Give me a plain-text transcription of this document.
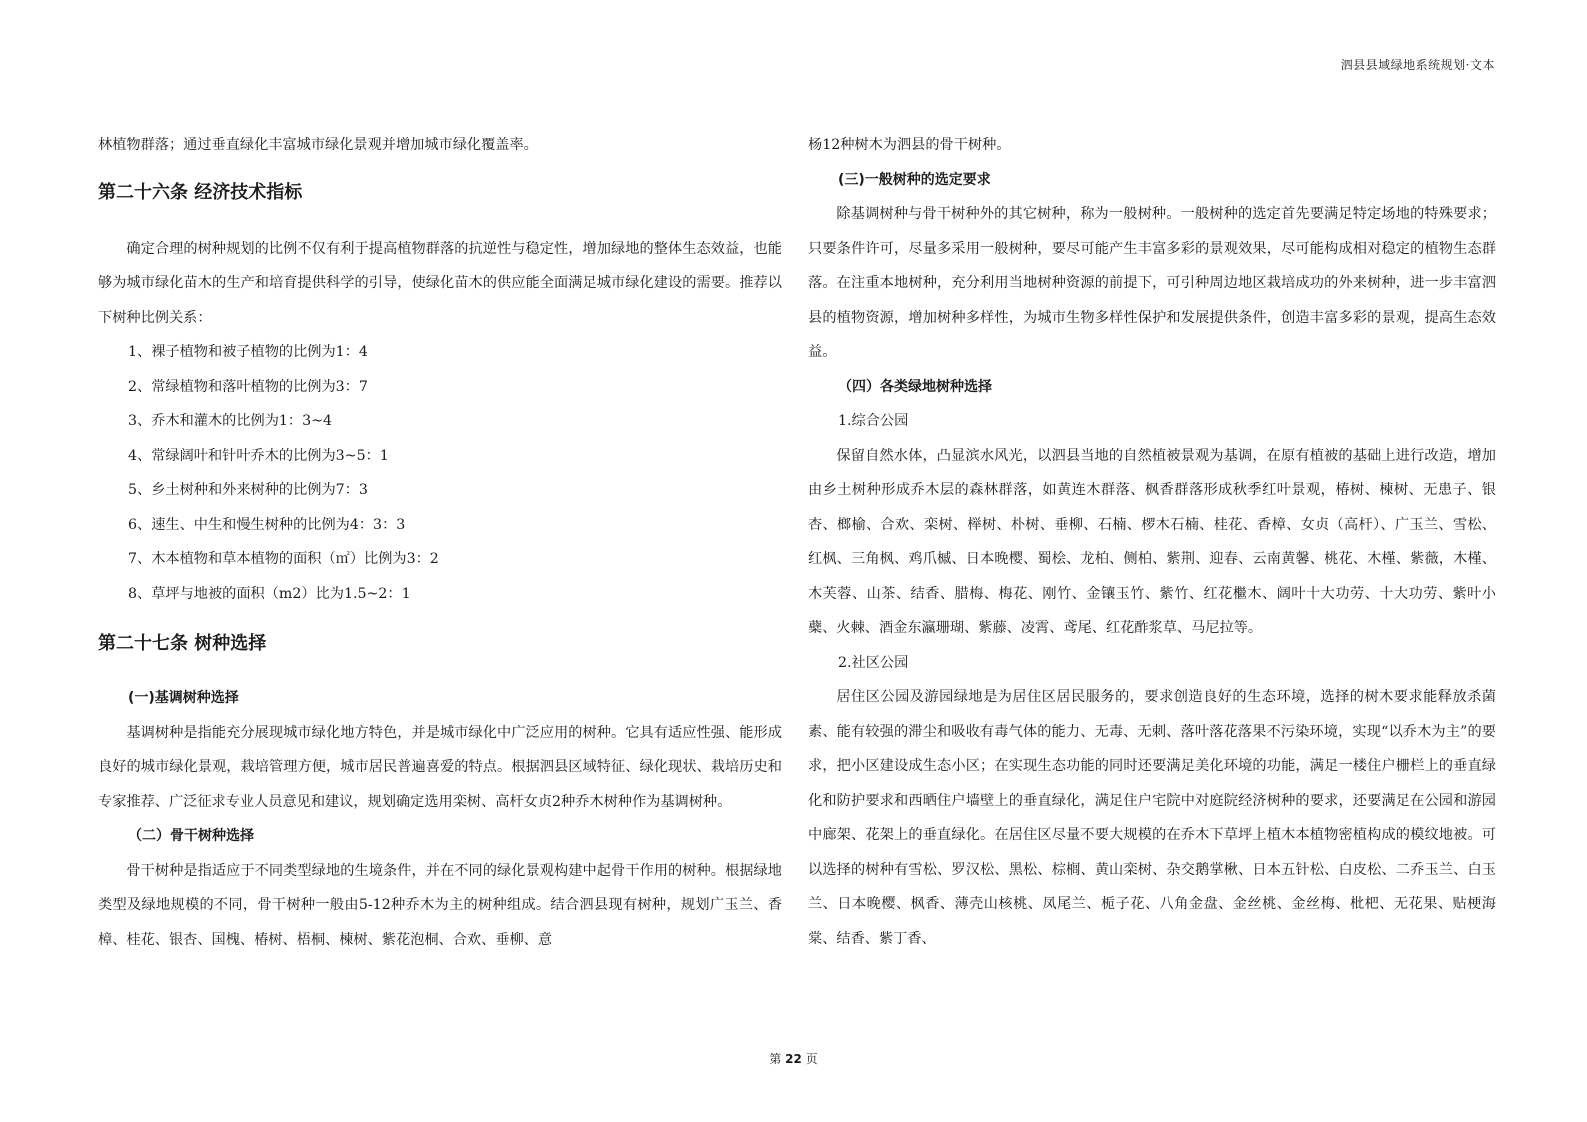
泗县县域绿地系统规划·文本

林植物群落；通过垂直绿化丰富城市绿化景观并增加城市绿化覆盖率。

第二十六条 经济技术指标

确定合理的树种规划的比例不仅有利于提高植物群落的抗逆性与稳定性，增加绿地的整体生态效益，也能够为城市绿化苗木的生产和培育提供科学的引导，使绿化苗木的供应能全面满足城市绿化建设的需要。推荐以下树种比例关系：

1、裸子植物和被子植物的比例为1：4

2、常绿植物和落叶植物的比例为3：7

3、乔木和灌木的比例为1：3~4

4、常绿阔叶和针叶乔木的比例为3~5：1

5、乡土树种和外来树种的比例为7：3

6、速生、中生和慢生树种的比例为4：3：3

7、木本植物和草本植物的面积（㎡）比例为3：2

8、草坪与地被的面积（m2）比为1.5~2：1

第二十七条 树种选择

(一)基调树种选择

基调树种是指能充分展现城市绿化地方特色，并是城市绿化中广泛应用的树种。它具有适应性强、能形成良好的城市绿化景观，栽培管理方便，城市居民普遍喜爱的特点。根据泗县区域特征、绿化现状、栽培历史和专家推荐、广泛征求专业人员意见和建议，规划确定选用栾树、高杆女贞2种乔木树种作为基调树种。

（二）骨干树种选择

骨干树种是指适应于不同类型绿地的生境条件，并在不同的绿化景观构建中起骨干作用的树种。根据绿地类型及绿地规模的不同，骨干树种一般由5-12种乔木为主的树种组成。结合泗县现有树种，规划广玉兰、香樟、桂花、银杏、国槐、椿树、梧桐、楝树、紫花泡桐、合欢、垂柳、意

杨12种树木为泗县的骨干树种。

(三)一般树种的选定要求

除基调树种与骨干树种外的其它树种，称为一般树种。一般树种的选定首先要满足特定场地的特殊要求；只要条件许可，尽量多采用一般树种，要尽可能产生丰富多彩的景观效果，尽可能构成相对稳定的植物生态群落。在注重本地树种，充分利用当地树种资源的前提下，可引种周边地区栽培成功的外来树种，进一步丰富泗县的植物资源，增加树种多样性，为城市生物多样性保护和发展提供条件，创造丰富多彩的景观，提高生态效益。

（四）各类绿地树种选择

1.综合公园

保留自然水体，凸显滨水风光，以泗县当地的自然植被景观为基调，在原有植被的基础上进行改造，增加由乡土树种形成乔木层的森林群落，如黄连木群落、枫香群落形成秋季红叶景观，椿树、楝树、无患子、银杏、榔榆、合欢、栾树、榉树、朴树、垂柳、石楠、椤木石楠、桂花、香樟、女贞（高杆）、广玉兰、雪松、红枫、三角枫、鸡爪槭、日本晚樱、蜀桧、龙柏、侧柏、紫荆、迎春、云南黄馨、桃花、木槿、紫薇，木槿、木芙蓉、山茶、结香、腊梅、梅花、刚竹、金镶玉竹、紫竹、红花檵木、阔叶十大功劳、十大功劳、紫叶小蘗、火棘、酒金东瀛珊瑚、紫藤、凌霄、鸢尾、红花酢浆草、马尼拉等。

2.社区公园

居住区公园及游园绿地是为居住区居民服务的，要求创造良好的生态环境，选择的树木要求能释放杀菌素、能有较强的滞尘和吸收有毒气体的能力、无毒、无刺、落叶落花落果不污染环境，实现“以乔木为主”的要求，把小区建设成生态小区；在实现生态功能的同时还要满足美化环境的功能，满足一楼住户栅栏上的垂直绿化和防护要求和西晒住户墙壁上的垂直绿化，满足住户宅院中对庭院经济树种的要求，还要满足在公园和游园中廊架、花架上的垂直绿化。在居住区尽量不要大规模的在乔木下草坪上植木本植物密植构成的模纹地被。可以选择的树种有雪松、罗汉松、黑松、棕榈、黄山栾树、杂交鹅掌楸、日本五针松、白皮松、二乔玉兰、白玉兰、日本晚樱、枫香、薄壳山核桃、凤尾兰、栀子花、八角金盘、金丝桃、金丝梅、枇杷、无花果、贴梗海棠、结香、紫丁香、

第 22 页
